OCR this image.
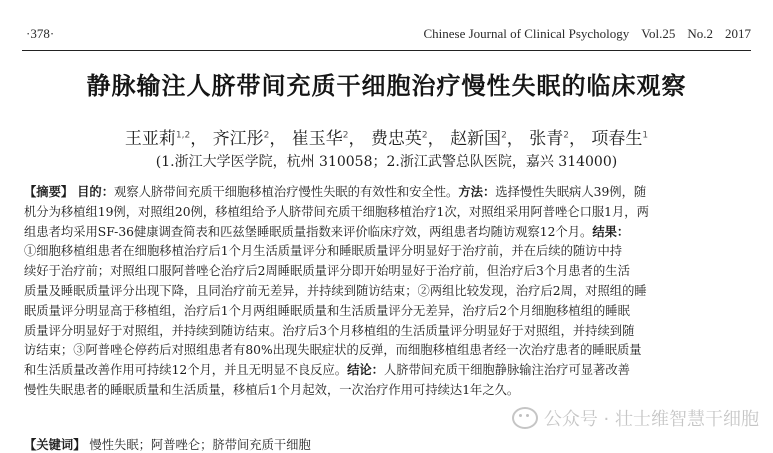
·378·	Chinese Journal of Clinical Psychology Vol.25 No.2 2017
静脉输注人脐带间充质干细胞治疗慢性失眠的临床观察
王亚莉$^{1,2}$， 齐江彤$^2$， 崔玉华$^2$， 费忠英$^2$， 赵新国$^2$， 张青$^2$， 项春生$^1$
(1.浙江大学医学院，杭州 310058；2.浙江武警总队医院，嘉兴 314000)
【摘要】 目的：观察人脐带间充质干细胞移植治疗慢性失眠的有效性和安全性。方法：选择慢性失眠病人39例，随
机分为移植组19例，对照组20例，移植组给予人脐带间充质干细胞移植治疗1次，对照组采用阿普唑仑口服1月，两
组患者均采用SF-36健康调查简表和匹兹堡睡眠质量指数来评价临床疗效，两组患者均随访观察12个月。结果：
①细胞移植组患者在细胞移植治疗后1个月生活质量评分和睡眠质量评分明显好于治疗前，并在后续的随访中持
续好于治疗前；对照组口服阿普唑仑治疗后2周睡眠质量评分即开始明显好于治疗前，但治疗后3个月患者的生活
质量及睡眠质量评分出现下降，且同治疗前无差异，并持续到随访结束；②两组比较发现，治疗后2周，对照组的睡
眠质量评分明显高于移植组，治疗后1个月两组睡眠质量和生活质量评分无差异，治疗后2个月细胞移植组的睡眠
质量评分明显好于对照组，并持续到随访结束。治疗后3个月移植组的生活质量评分明显好于对照组，并持续到随
访结束；③阿普唑仑停药后对照组患者有80%出现失眠症状的反弹，而细胞移植组患者经一次治疗患者的睡眠质量
和生活质量改善作用可持续12个月，并且无明显不良反应。结论：人脐带间充质干细胞静脉输注治疗可显著改善
慢性失眠患者的睡眠质量和生活质量，移植后1个月起效，一次治疗作用可持续达1年之久。
【关键词】 慢性失眠；阿普唑仑；脐带间充质干细胞
公众号 · 壮士维智慧干细胞
